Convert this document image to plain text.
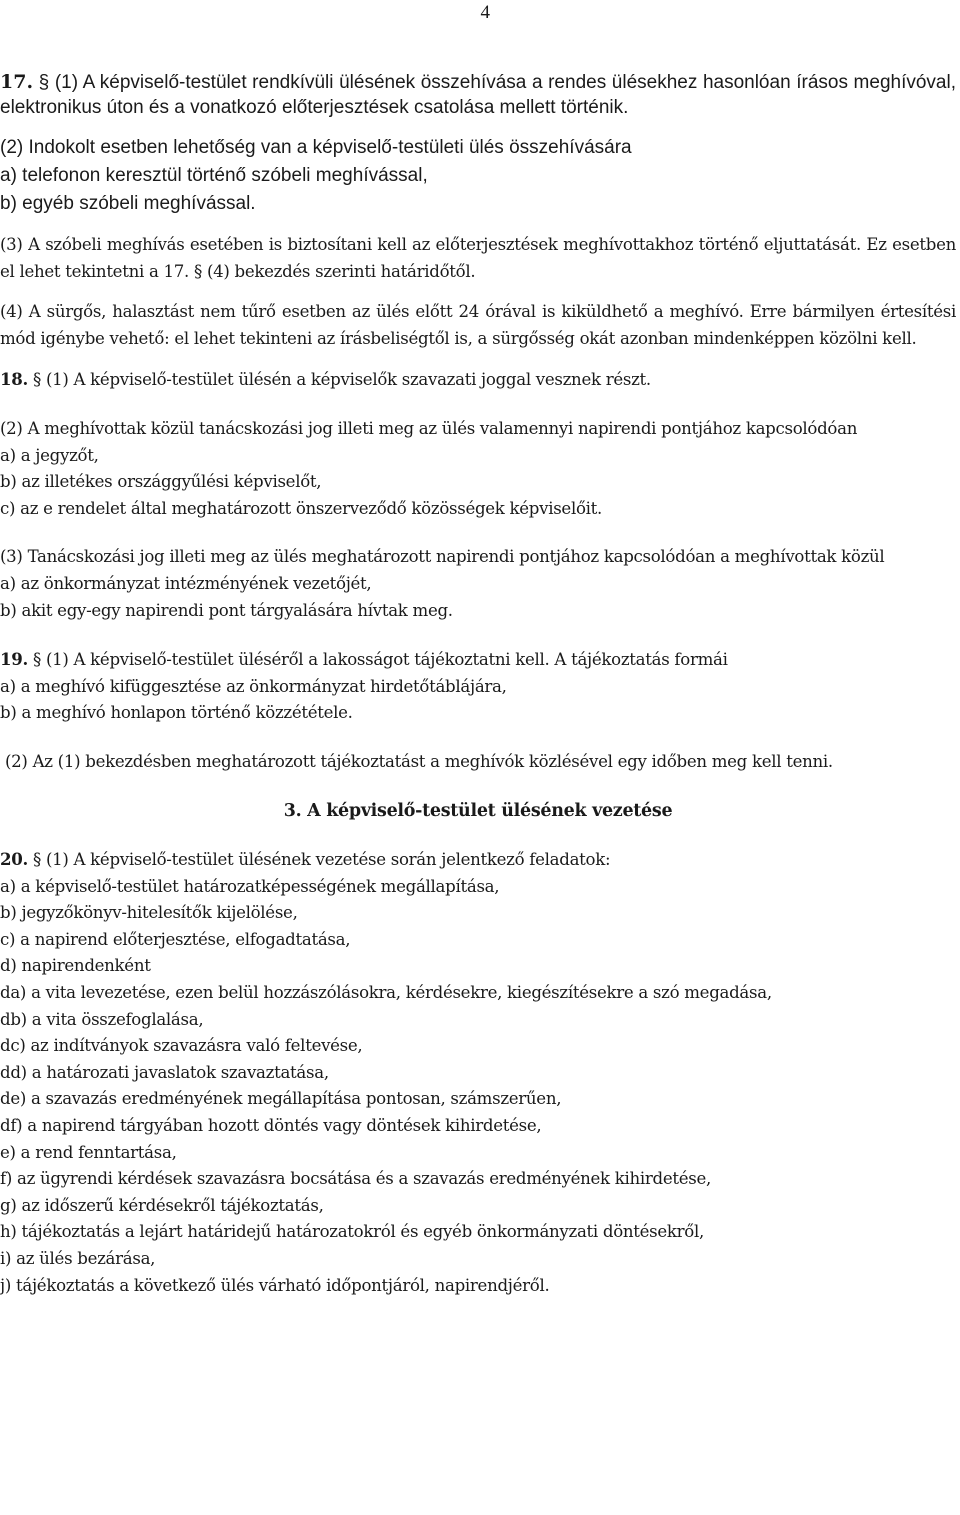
4

17. § (1) A képviselő-testület rendkívüli ülésének összehívása a rendes ülésekhez hasonlóan írásos meghívóval, elektronikus úton és a vonatkozó előterjesztések csatolása mellett történik.

(2) Indokolt esetben lehetőség van a képviselő-testületi ülés összehívására

a) telefonon keresztül történő szóbeli meghívással,

b) egyéb szóbeli meghívással.

(3) A szóbeli meghívás esetében is biztosítani kell az előterjesztések meghívottakhoz történő eljuttatását. Ez esetben el lehet tekintetni a 17. § (4) bekezdés szerinti határidőtől.

(4) A sürgős, halasztást nem tűrő esetben az ülés előtt 24 órával is kiküldhető a meghívó. Erre bármilyen értesítési mód igénybe vehető: el lehet tekinteni az írásbeliségtől is, a sürgősség okát azonban mindenképpen közölni kell.

18. § (1) A képviselő-testület ülésén a képviselők szavazati joggal vesznek részt.

(2) A meghívottak közül tanácskozási jog illeti meg az ülés valamennyi napirendi pontjához kapcsolódóan

a) a jegyzőt,

b) az illetékes országgyűlési képviselőt,

c) az e rendelet által meghatározott önszerveződő közösségek képviselőit.

(3) Tanácskozási jog illeti meg az ülés meghatározott napirendi pontjához kapcsolódóan a meghívottak közül

a) az önkormányzat intézményének vezetőjét,

b) akit egy-egy napirendi pont tárgyalására hívtak meg.

19. § (1) A képviselő-testület üléséről a lakosságot tájékoztatni kell. A tájékoztatás formái

a) a meghívó kifüggesztése az önkormányzat hirdetőtáblájára,

b) a meghívó honlapon történő közzététele.

(2) Az (1) bekezdésben meghatározott tájékoztatást a meghívók közlésével egy időben meg kell tenni.

3. A képviselő-testület ülésének vezetése

20. § (1) A képviselő-testület ülésének vezetése során jelentkező feladatok:

a) a képviselő-testület határozatképességének megállapítása,

b) jegyzőkönyv-hitelesítők kijelölése,

c) a napirend előterjesztése, elfogadtatása,

d) napirendenként

da) a vita levezetése, ezen belül hozzászólásokra, kérdésekre, kiegészítésekre a szó megadása,

db) a vita összefoglalása,

dc) az indítványok szavazásra való feltevése,

dd) a határozati javaslatok szavaztatása,

de) a szavazás eredményének megállapítása pontosan, számszerűen,

df) a napirend tárgyában hozott döntés vagy döntések kihirdetése,

e) a rend fenntartása,

f) az ügyrendi kérdések szavazásra bocsátása és a szavazás eredményének kihirdetése,

g) az időszerű kérdésekről tájékoztatás,

h) tájékoztatás a lejárt határidejű határozatokról és egyéb önkormányzati döntésekről,

i) az ülés bezárása,

j) tájékoztatás a következő ülés várható időpontjáról, napirendjéről.
